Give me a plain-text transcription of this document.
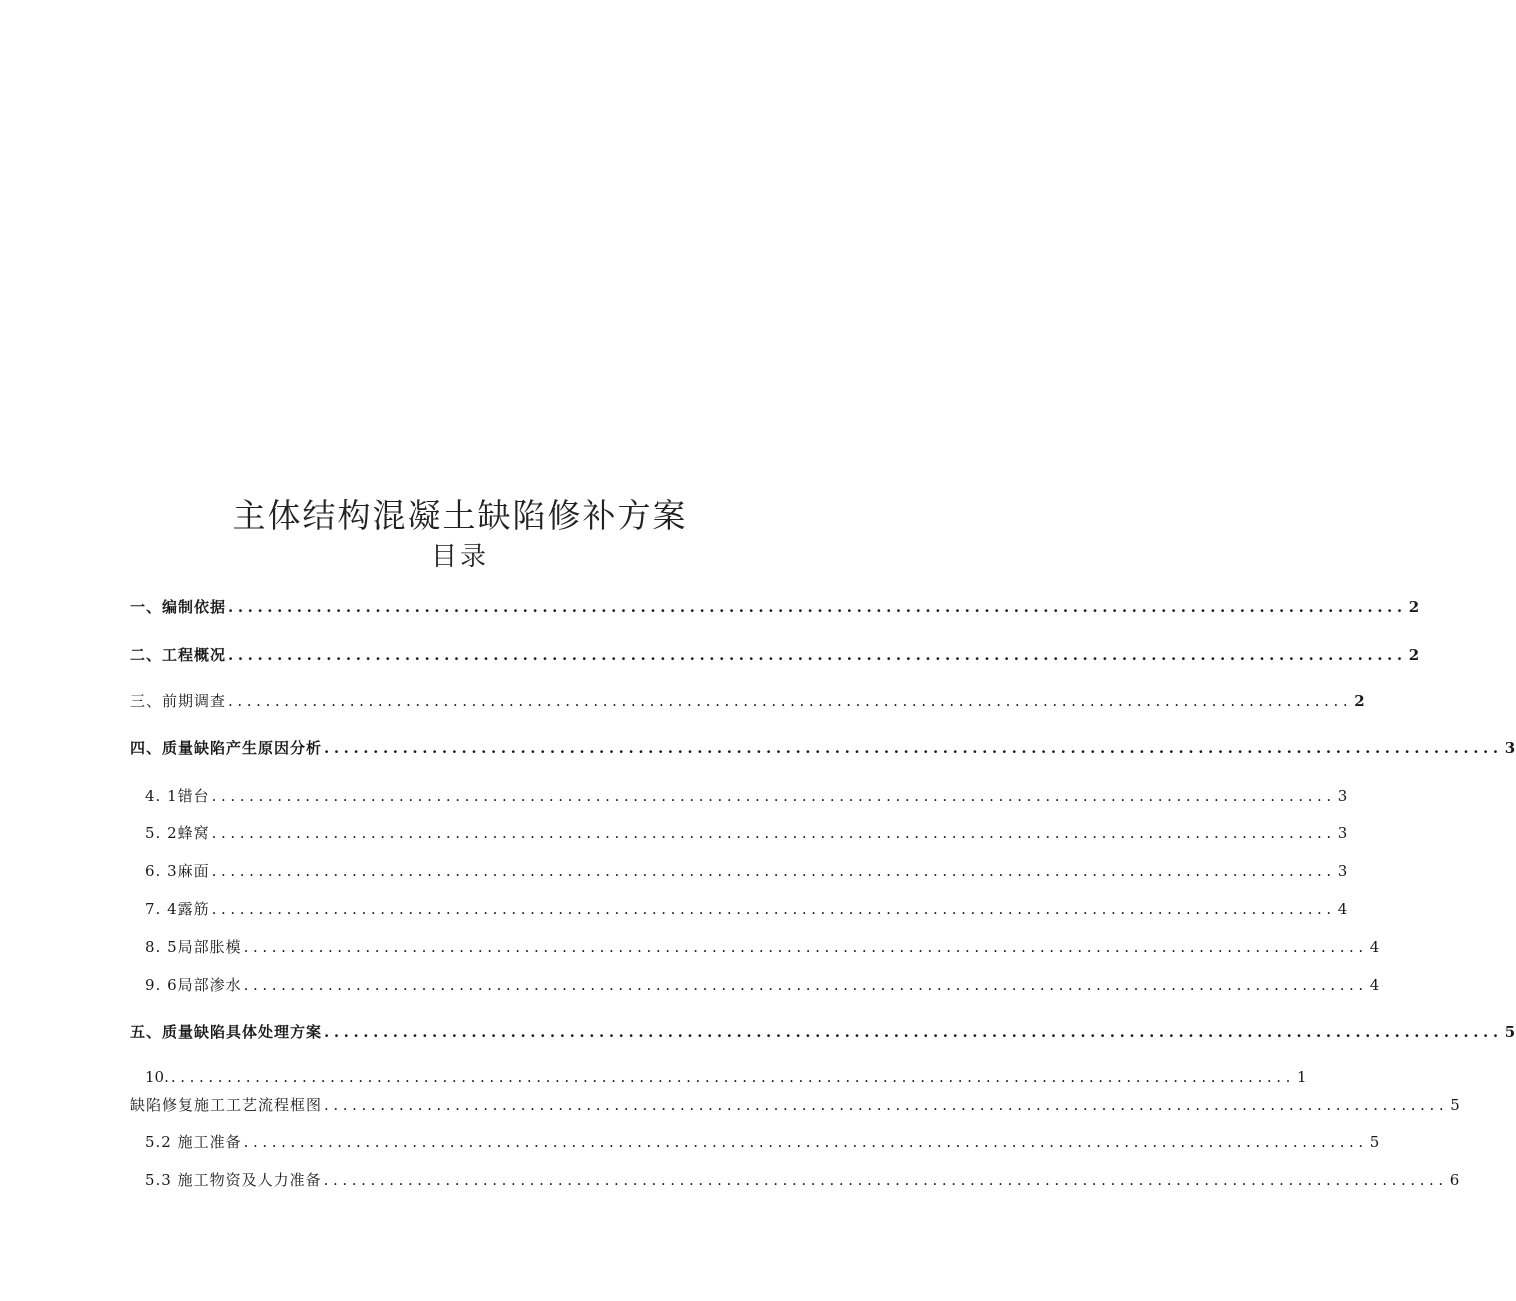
主体结构混凝土缺陷修补方案
目录
一、编制依据 ........................................................................................................................ 2
二、工程概况 ........................................................................................................................ 2
三、前期调查 ........................................................................................................................ 2
四、质量缺陷产生原因分析 ........................................................................................................................ 3
4. 1错台 ........................................................................................................................ 3
5. 2蜂窝 ........................................................................................................................ 3
6. 3麻面 ........................................................................................................................ 3
7. 4露筋 ........................................................................................................................ 4
8. 5局部胀模 ........................................................................................................................ 4
9. 6局部渗水 ........................................................................................................................ 4
五、质量缺陷具体处理方案 ........................................................................................................................ 5
10. ........................................................................................................................ 1
缺陷修复施工工艺流程框图 ........................................................................................................................ 5
5.2 施工准备 ........................................................................................................................ 5
5.3 施工物资及人力准备 ........................................................................................................................ 6
